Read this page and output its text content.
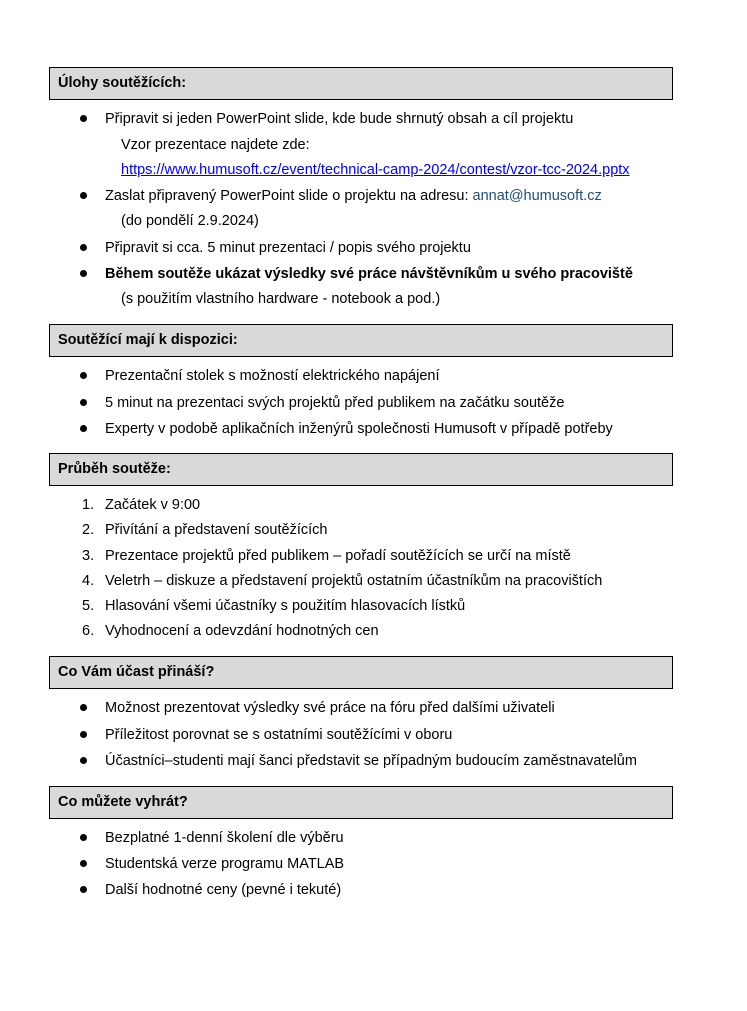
Úlohy soutěžících:
Připravit si jeden PowerPoint slide, kde bude shrnutý obsah a cíl projektu
Vzor prezentace najdete zde:
https://www.humusoft.cz/event/technical-camp-2024/contest/vzor-tcc-2024.pptx
Zaslat připravený PowerPoint slide o projektu na adresu: annat@humusoft.cz
(do pondělí 2.9.2024)
Připravit si cca. 5 minut prezentaci / popis svého projektu
Během soutěže ukázat výsledky své práce návštěvníkům u svého pracoviště
(s použitím vlastního hardware - notebook a pod.)
Soutěžící mají k dispozici:
Prezentační stolek s možností elektrického napájení
5 minut na prezentaci svých projektů před publikem na začátku soutěže
Experty v podobě aplikačních inženýrů společnosti Humusoft v případě potřeby
Průběh soutěže:
1. Začátek v 9:00
2. Přivítání a představení soutěžících
3. Prezentace projektů před publikem – pořadí soutěžících se určí na místě
4. Veletrh – diskuze a představení projektů ostatním účastníkům na pracovištích
5. Hlasování všemi účastníky s použitím hlasovacích lístků
6. Vyhodnocení a odevzdání hodnotných cen
Co Vám účast přináší?
Možnost prezentovat výsledky své práce na fóru před dalšími uživateli
Příležitost porovnat se s ostatními soutěžícími v oboru
Účastníci–studenti mají šanci představit se případným budoucím zaměstnavatelům
Co můžete vyhrát?
Bezplatné 1-denní školení dle výběru
Studentská verze programu MATLAB
Další hodnotné ceny (pevné i tekuté)
